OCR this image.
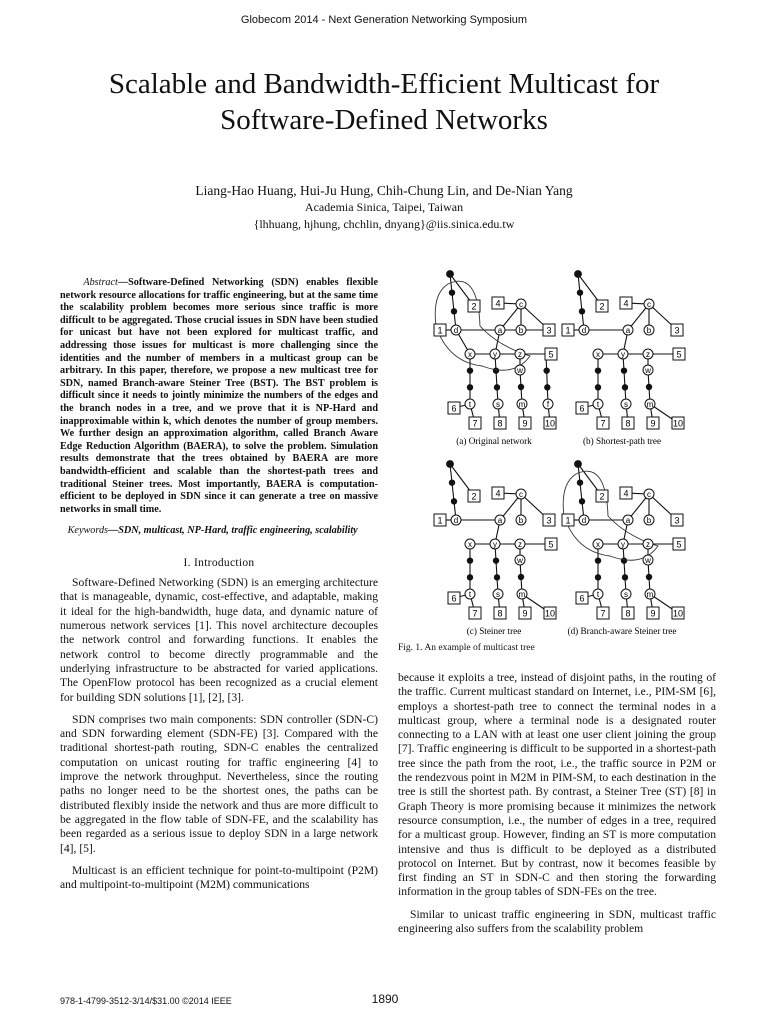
Globecom 2014 - Next Generation Networking Symposium
Scalable and Bandwidth-Efficient Multicast for
Software-Defined Networks
Liang-Hao Huang, Hui-Ju Hung, Chih-Chung Lin, and De-Nian Yang
Academia Sinica, Taipei, Taiwan
{lhhuang, hjhung, chchlin, dnyang}@iis.sinica.edu.tw
Abstract—Software-Defined Networking (SDN) enables flexible network resource allocations for traffic engineering, but at the same time the scalability problem becomes more serious since traffic is more difficult to be aggregated. Those crucial issues in SDN have been studied for unicast but have not been explored for multicast traffic, and addressing those issues for multicast is more challenging since the identities and the number of members in a multicast group can be arbitrary. In this paper, therefore, we propose a new multicast tree for SDN, named Branch-aware Steiner Tree (BST). The BST problem is difficult since it needs to jointly minimize the numbers of the edges and the branch nodes in a tree, and we prove that it is NP-Hard and inapproximable within k, which denotes the number of group members. We further design an approximation algorithm, called Branch Aware Edge Reduction Algorithm (BAERA), to solve the problem. Simulation results demonstrate that the trees obtained by BAERA are more bandwidth-efficient and scalable than the shortest-path trees and traditional Steiner trees. Most importantly, BAERA is computation-efficient to be deployed in SDN since it can generate a tree on massive networks in small time.
Keywords—SDN, multicast, NP-Hard, traffic engineering, scalability
I. Introduction

Software-Defined Networking (SDN) is an emerging architecture that is manageable, dynamic, cost-effective, and adaptable, making it ideal for the high-bandwidth, huge data, and dynamic nature of numerous network services [1]. This novel architecture decouples the network control and forwarding functions. It enables the network control to become directly programmable and the underlying infrastructure to be abstracted for varied applications. The OpenFlow protocol has been recognized as a crucial element for building SDN solutions [1], [2], [3].

SDN comprises two main components: SDN controller (SDN-C) and SDN forwarding element (SDN-FE) [3]. Compared with the traditional shortest-path routing, SDN-C enables the centralized computation on unicast routing for traffic engineering [4] to improve the network throughput. Nevertheless, since the routing paths no longer need to be the shortest ones, the paths can be distributed flexibly inside the network and thus are more difficult to be aggregated in the flow table of SDN-FE, and the scalability has been regarded as a serious issue to deploy SDN in a large network [4], [5].

Multicast is an efficient technique for point-to-multipoint (P2M) and multipoint-to-multipoint (M2M) communications

d	a b
c
x	y	z
w
t	s m	f
1
2
3
4
5
6
7 8 9 10
(a) Original network
d	a b
c
x	y	z
w
t	s m
1
2
3
4
5
6
7 8 9 10
(b) Shortest-path tree
d	a b
c
x	y	z
w
t	s m
1
2
3
4
5
6
7 8 9 10
(c) Steiner tree
d	a b
c
x	y	z
w
t	s m
1
2
3
4
5
6
7 8 9 10
(d) Branch-aware Steiner tree
Fig. 1. An example of multicast tree

because it exploits a tree, instead of disjoint paths, in the routing of the traffic. Current multicast standard on Internet, i.e., PIM-SM [6], employs a shortest-path tree to connect the terminal nodes in a multicast group, where a terminal node is a designated router connecting to a LAN with at least one user client joining the group [7]. Traffic engineering is difficult to be supported in a shortest-path tree since the path from the root, i.e., the traffic source in P2M or the rendezvous point in M2M in PIM-SM, to each destination in the tree is still the shortest path. By contrast, a Steiner Tree (ST) [8] in Graph Theory is more promising because it minimizes the network resource consumption, i.e., the number of edges in a tree, required for a multicast group. However, finding an ST is more computation intensive and thus is difficult to be deployed as a distributed protocol on Internet. But by contrast, now it becomes feasible by first finding an ST in SDN-C and then storing the forwarding information in the group tables of SDN-FEs on the tree.

Similar to unicast traffic engineering in SDN, multicast traffic engineering also suffers from the scalability problem

978-1-4799-3512-3/14/$31.00 ©2014 IEEE	1890
